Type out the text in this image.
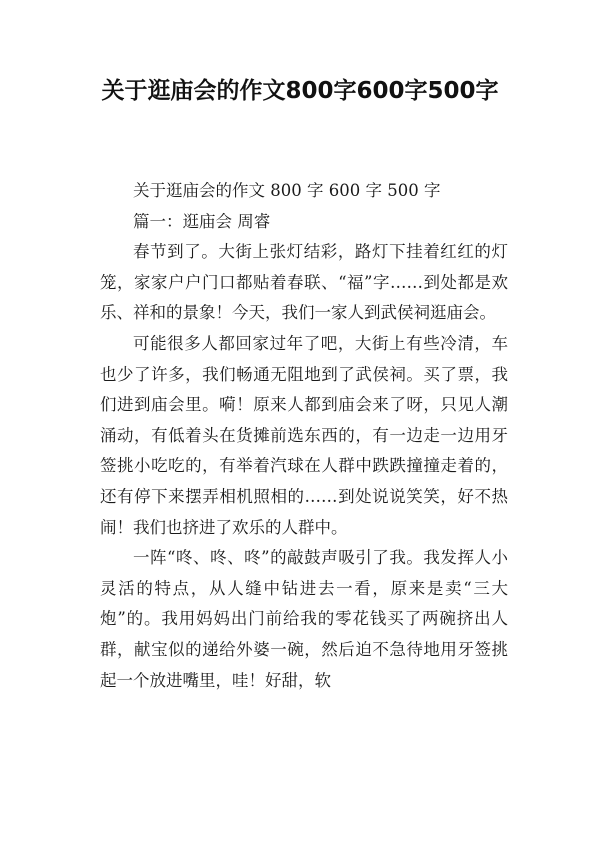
关于逛庙会的作文800字600字500字

关于逛庙会的作文 800 字 600 字 500 字

篇一：逛庙会 周睿

春节到了。大街上张灯结彩，路灯下挂着红红的灯笼，家家户户门口都贴着春联、“福”字……到处都是欢乐、祥和的景象！今天，我们一家人到武侯祠逛庙会。

可能很多人都回家过年了吧，大街上有些冷清，车也少了许多，我们畅通无阻地到了武侯祠。买了票，我们进到庙会里。嗬！原来人都到庙会来了呀，只见人潮涌动，有低着头在货摊前选东西的，有一边走一边用牙签挑小吃吃的，有举着汽球在人群中跌跌撞撞走着的，还有停下来摆弄相机照相的……到处说说笑笑，好不热闹！我们也挤进了欢乐的人群中。

一阵“咚、咚、咚”的敲鼓声吸引了我。我发挥人小灵活的特点，从人缝中钻进去一看，原来是卖“三大炮”的。我用妈妈出门前给我的零花钱买了两碗挤出人群，献宝似的递给外婆一碗，然后迫不急待地用牙签挑起一个放进嘴里，哇！好甜，软
